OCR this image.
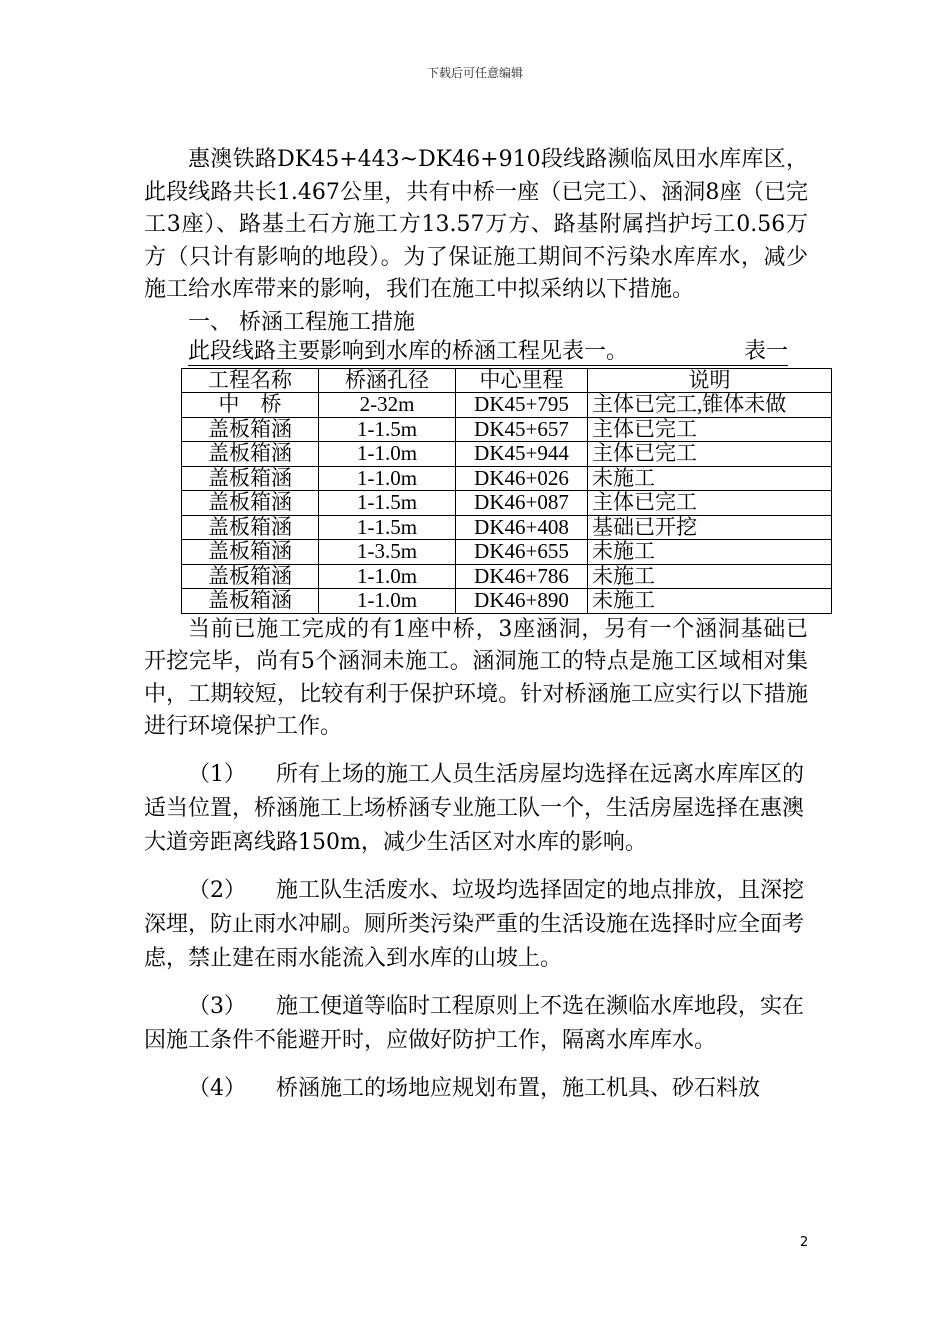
下载后可任意编辑

惠澳铁路DK45+443~DK46+910段线路濒临凤田水库库区，此段线路共长1.467公里，共有中桥一座（已完工）、涵洞8座（已完工3座）、路基土石方施工方13.57万方、路基附属挡护圬工0.56万方（只计有影响的地段）。为了保证施工期间不污染水库库水，减少施工给水库带来的影响，我们在施工中拟采纳以下措施。

一、 桥涵工程施工措施

此段线路主要影响到水库的桥涵工程见表一。	表一
工程名称	桥涵孔径	中心里程	说明
中　桥	2-32m	DK45+795	主体已完工,锥体未做
盖板箱涵	1-1.5m	DK45+657	主体已完工
盖板箱涵	1-1.0m	DK45+944	主体已完工
盖板箱涵	1-1.0m	DK46+026	未施工
盖板箱涵	1-1.5m	DK46+087	主体已完工
盖板箱涵	1-1.5m	DK46+408	基础已开挖
盖板箱涵	1-3.5m	DK46+655	未施工
盖板箱涵	1-1.0m	DK46+786	未施工
盖板箱涵	1-1.0m	DK46+890	未施工

当前已施工完成的有1座中桥，3座涵洞，另有一个涵洞基础已开挖完毕，尚有5个涵洞未施工。涵洞施工的特点是施工区域相对集中，工期较短，比较有利于保护环境。针对桥涵施工应实行以下措施进行环境保护工作。

（1） 所有上场的施工人员生活房屋均选择在远离水库库区的适当位置，桥涵施工上场桥涵专业施工队一个，生活房屋选择在惠澳大道旁距离线路150m，减少生活区对水库的影响。

（2） 施工队生活废水、垃圾均选择固定的地点排放，且深挖深埋，防止雨水冲刷。厕所类污染严重的生活设施在选择时应全面考虑，禁止建在雨水能流入到水库的山坡上。

（3） 施工便道等临时工程原则上不选在濒临水库地段，实在因施工条件不能避开时，应做好防护工作，隔离水库库水。

（4） 桥涵施工的场地应规划布置，施工机具、砂石料放

2
